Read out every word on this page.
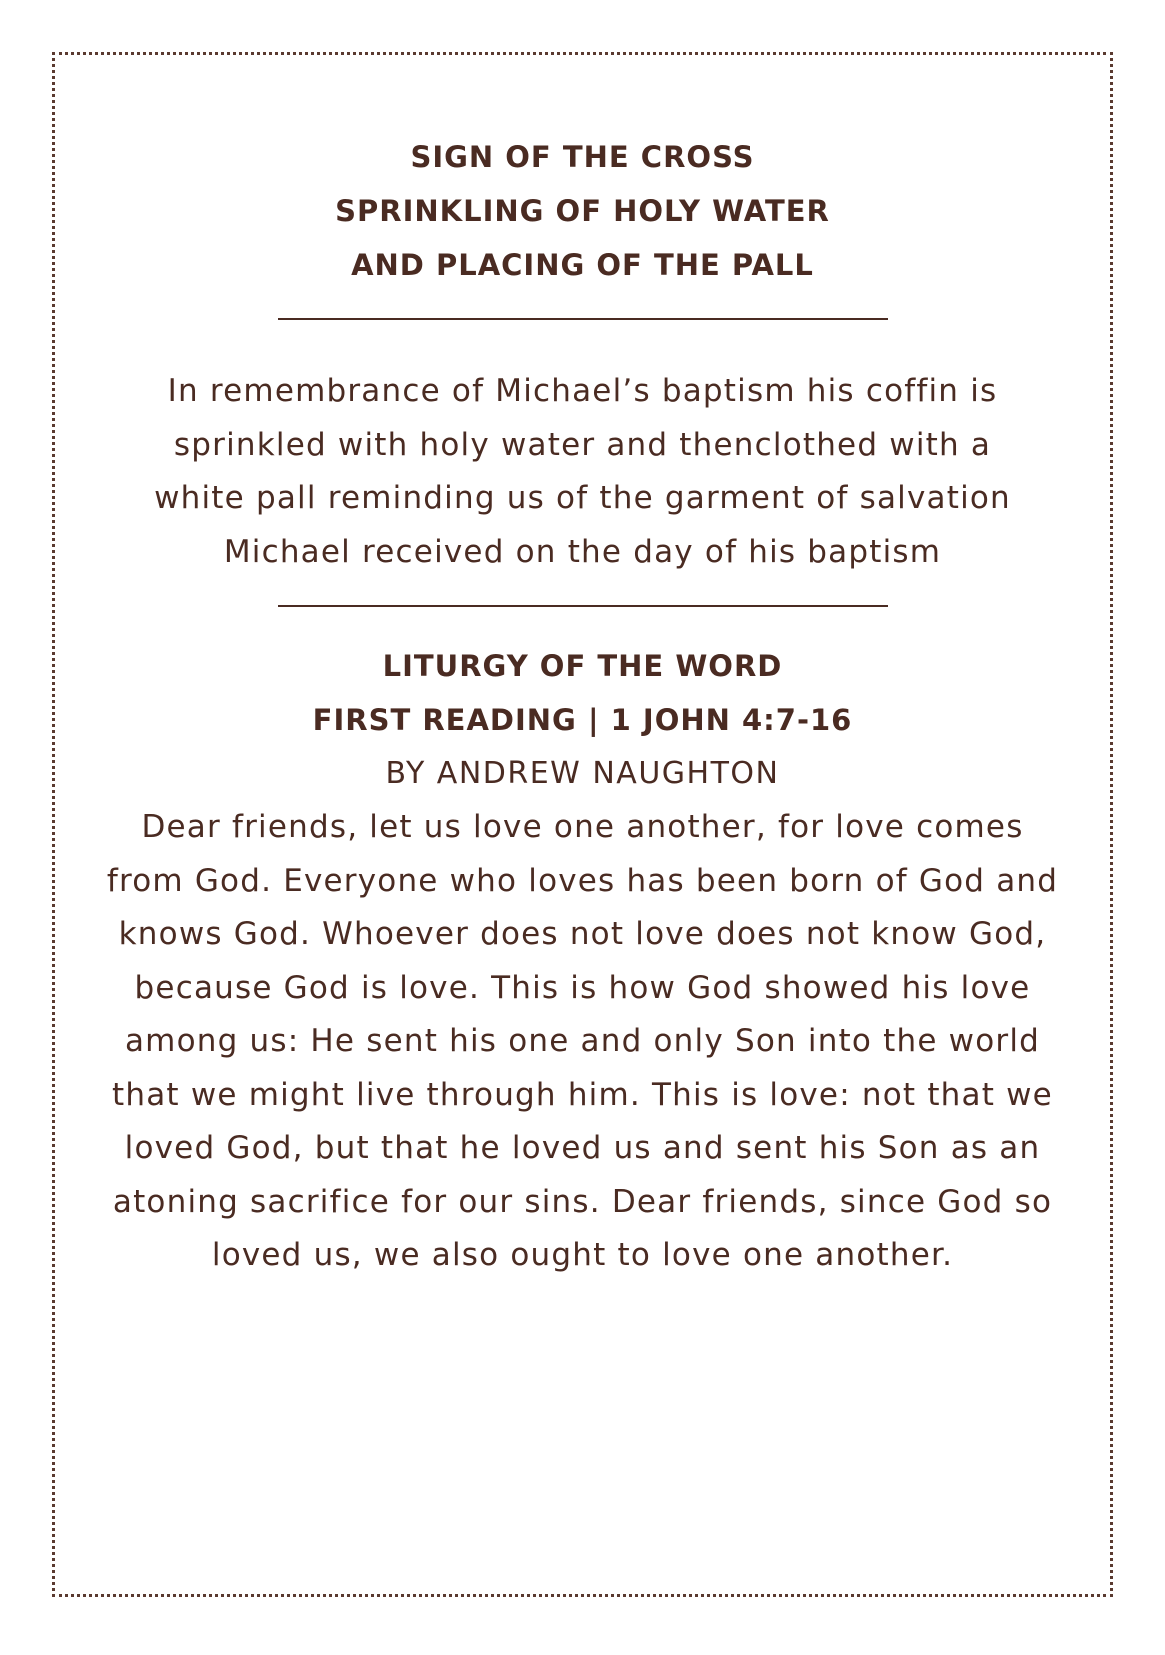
SIGN OF THE CROSS

SPRINKLING OF HOLY WATER

AND PLACING OF THE PALL

In remembrance of Michael’s baptism his coffin is sprinkled with holy water and thenclothed with a white pall reminding us of the garment of salvation Michael received on the day of his baptism

LITURGY OF THE WORD

FIRST READING | 1 JOHN 4:7-16

BY ANDREW NAUGHTON

Dear friends, let us love one another, for love comes from God. Everyone who loves has been born of God and knows God. Whoever does not love does not know God, because God is love. This is how God showed his love among us: He sent his one and only Son into the world that we might live through him. This is love: not that we loved God, but that he loved us and sent his Son as an atoning sacrifice for our sins. Dear friends, since God so loved us, we also ought to love one another.
